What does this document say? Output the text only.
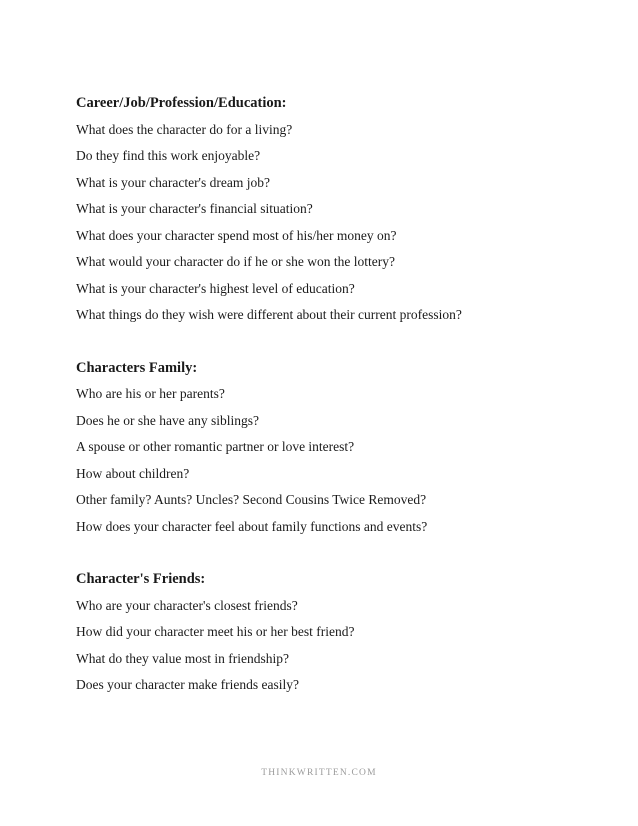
Career/Job/Profession/Education:

What does the character do for a living?

Do they find this work enjoyable?

What is your character's dream job?

What is your character's financial situation?

What does your character spend most of his/her money on?

What would your character do if he or she won the lottery?

What is your character's highest level of education?

What things do they wish were different about their current profession?

Characters Family:

Who are his or her parents?

Does he or she have any siblings?

A spouse or other romantic partner or love interest?

How about children?

Other family? Aunts? Uncles? Second Cousins Twice Removed?

How does your character feel about family functions and events?

Character's Friends:

Who are your character's closest friends?

How did your character meet his or her best friend?

What do they value most in friendship?

Does your character make friends easily?

THINKWRITTEN.COM
